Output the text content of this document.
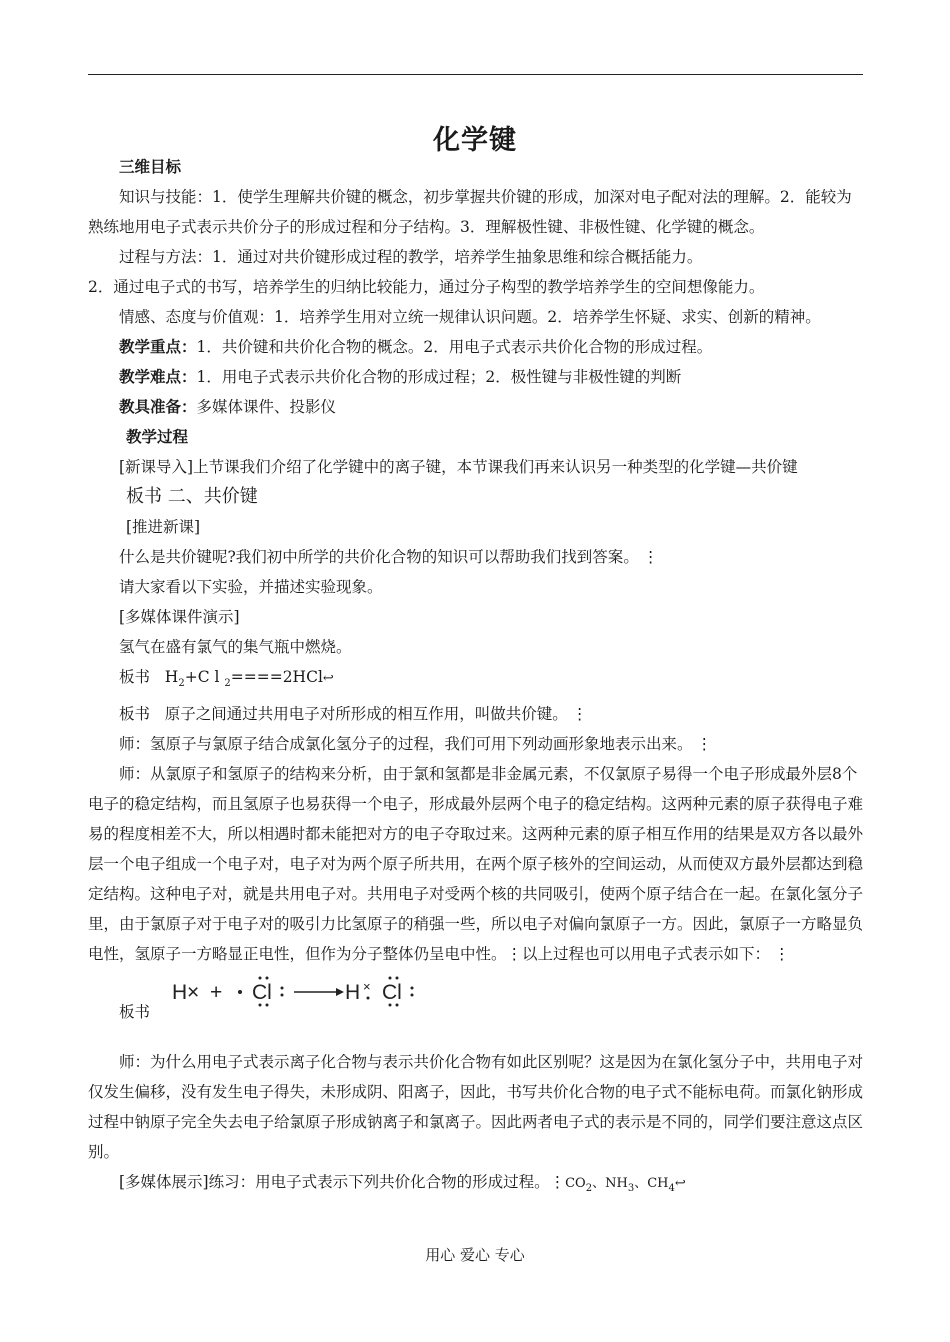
化学键

三维目标

知识与技能：1．使学生理解共价键的概念，初步掌握共价键的形成，加深对电子配对法的理解。2．能较为熟练地用电子式表示共价分子的形成过程和分子结构。3．理解极性键、非极性键、化学键的概念。

过程与方法：1．通过对共价键形成过程的教学，培养学生抽象思维和综合概括能力。

2．通过电子式的书写，培养学生的归纳比较能力，通过分子构型的教学培养学生的空间想像能力。

情感、态度与价值观：1．培养学生用对立统一规律认识问题。2．培养学生怀疑、求实、创新的精神。

教学重点：1．共价键和共价化合物的概念。2．用电子式表示共价化合物的形成过程。

教学难点：1．用电子式表示共价化合物的形成过程；2．极性键与非极性键的判断

教具准备：多媒体课件、投影仪

教学过程

[新课导入]上节课我们介绍了化学键中的离子键，本节课我们再来认识另一种类型的化学键—共价键

板书 二、共价键

[推进新课]

什么是共价键呢?我们初中所学的共价化合物的知识可以帮助我们找到答案。 ⋮

请大家看以下实验，并描述实验现象。

[多媒体课件演示]

氢气在盛有氯气的集气瓶中燃烧。

板书 $H_2+C$ l $_2$====2HCl↩

板书 原子之间通过共用电子对所形成的相互作用，叫做共价键。 ⋮

师：氢原子与氯原子结合成氯化氢分子的过程，我们可用下列动画形象地表示出来。 ⋮

师：从氯原子和氢原子的结构来分析，由于氯和氢都是非金属元素，不仅氯原子易得一个电子形成最外层8个电子的稳定结构，而且氢原子也易获得一个电子，形成最外层两个电子的稳定结构。这两种元素的原子获得电子难易的程度相差不大，所以相遇时都未能把对方的电子夺取过来。这两种元素的原子相互作用的结果是双方各以最外层一个电子组成一个电子对，电子对为两个原子所共用，在两个原子核外的空间运动，从而使双方最外层都达到稳定结构。这种电子对，就是共用电子对。共用电子对受两个核的共同吸引，使两个原子结合在一起。在氯化氢分子里，由于氯原子对于电子对的吸引力比氢原子的稍强一些，所以电子对偏向氯原子一方。因此，氯原子一方略显负电性，氢原子一方略显正电性，但作为分子整体仍呈电中性。⋮以上过程也可以用电子式表示如下： ⋮

板书
H × + Cl	H × Cl

师：为什么用电子式表示离子化合物与表示共价化合物有如此区别呢？这是因为在氯化氢分子中，共用电子对仅发生偏移，没有发生电子得失，未形成阴、阳离子，因此，书写共价化合物的电子式不能标电荷。而氯化钠形成过程中钠原子完全失去电子给氯原子形成钠离子和氯离子。因此两者电子式的表示是不同的，同学们要注意这点区别。

[多媒体展示]练习：用电子式表示下列共价化合物的形成过程。$⋮CO_2$、$NH_3$、$CH_4↩$

用心 爱心 专心
